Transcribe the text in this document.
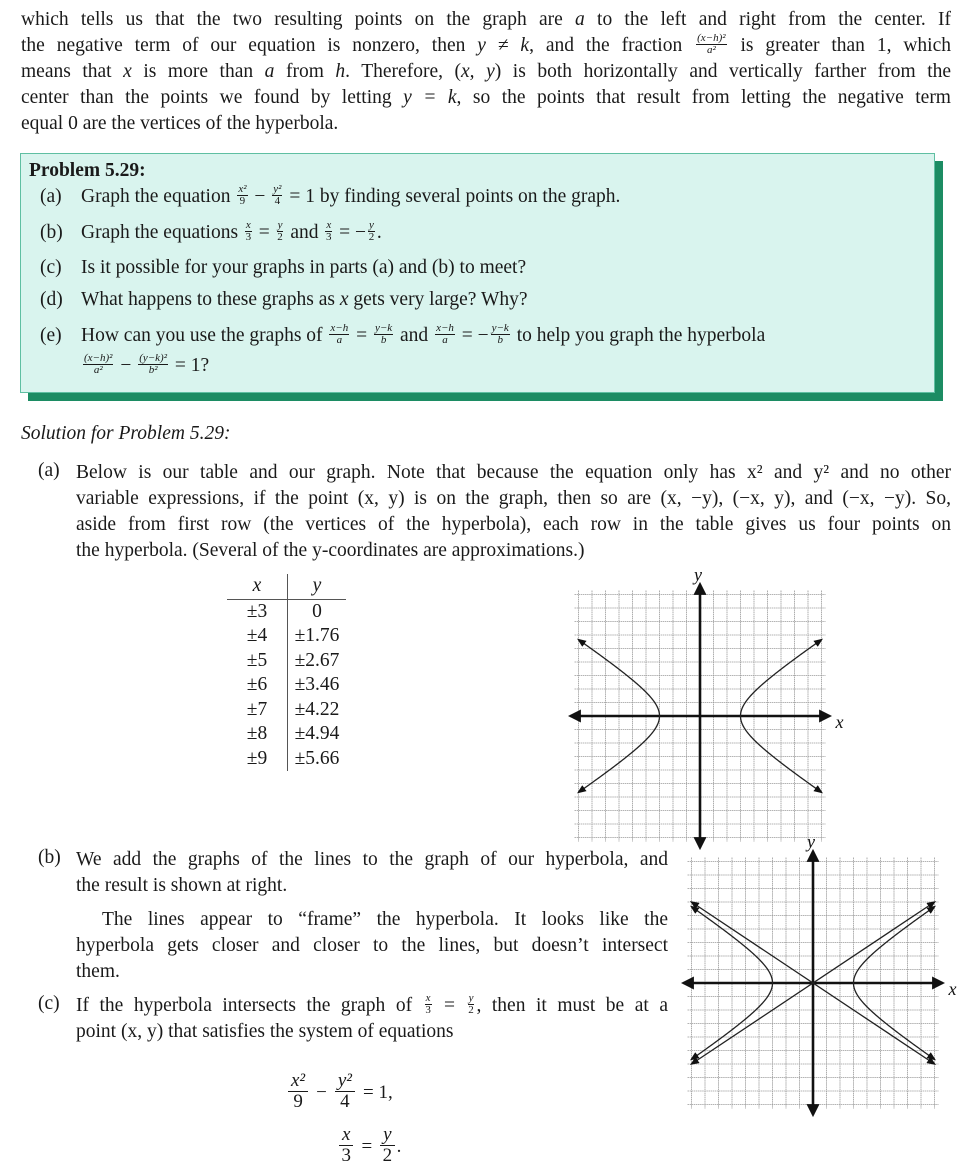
which tells us that the two resulting points on the graph are a to the left and right from the center. If
the negative term of our equation is nonzero, then y ≠ k, and the fraction $\frac{\text{(x−h)²}}{\text{a²}}$ is greater than 1, which
means that x is more than a from h. Therefore, (x, y) is both horizontally and vertically farther from the
center than the points we found by letting y = k, so the points that result from letting the negative term
equal 0 are the vertices of the hyperbola.
Problem 5.29:
(a) Graph the equation $\frac{\text{x²}}{9} - \frac{\text{y²}}{4} = 1$ by finding several points on the graph.
(b) Graph the equations $\frac{x}{3} = \frac{y}{2}$ and $\frac{x}{3}$ = − $\frac{y}{2}$ .
(c) Is it possible for your graphs in parts (a) and (b) to meet?
(d) What happens to these graphs as x gets very large? Why?
(e) How can you use the graphs of $\frac{x-h}{a} = \frac{y-k}{b}$ and $\frac{x-h}{a}$ = − $\frac{y-k}{b}$ to help you graph the hyperbola
$\frac{\text{(x−h)²}}{\text{a²}} - \frac{\text{(y−k)²}}{\text{b²}} = 1$?
Solution for Problem 5.29:
(a) Below is our table and our graph. Note that because the equation only has x² and y² and no other
variable expressions, if the point (x, y) is on the graph, then so are (x, −y), (−x, y), and (−x, −y). So,
aside from first row (the vertices of the hyperbola), each row in the table gives us four points on
the hyperbola. (Several of the y-coordinates are approximations.)
x	y
±3	0
±4	±1.76
±5	±2.67
±6	±3.46
±7	±4.22
±8	±4.94
±9	±5.66
x
y
x
y
(b) We add the graphs of the lines to the graph of our hyperbola, and
the result is shown at right.
The lines appear to “frame” the hyperbola. It looks like the
hyperbola gets closer and closer to the lines, but doesn’t intersect
them.
(c) If the hyperbola intersects the graph of $\frac{x}{3} = \frac{y}{2}$ , then it must be at a
point (x, y) that satisfies the system of equations
$\frac{\text{x²}}{9} - \frac{\text{y²}}{4} = 1$,
$\frac{x}{3} = \frac{y}{2}$ .
